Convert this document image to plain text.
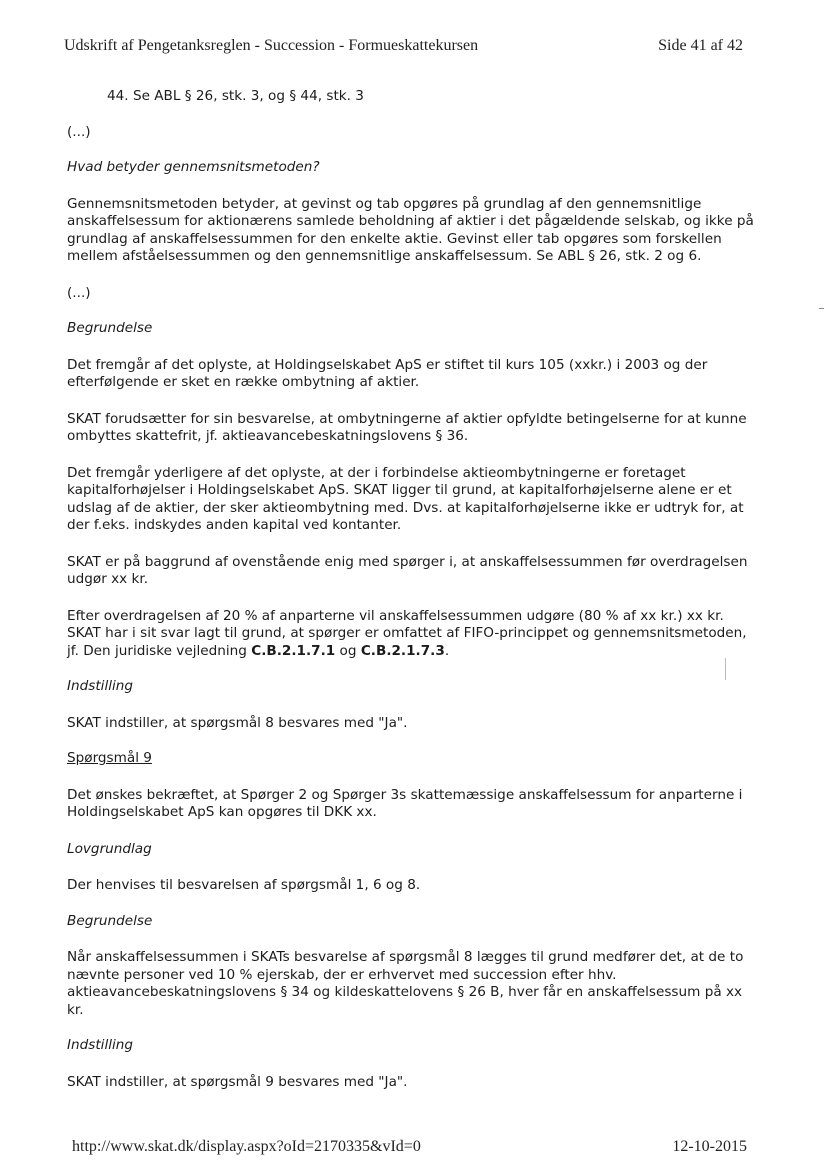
Udskrift af Pengetanksreglen - Succession - Formueskattekursen	Side 41 af 42

44. Se ABL § 26, stk. 3, og § 44, stk. 3

(...)

Hvad betyder gennemsnitsmetoden?

Gennemsnitsmetoden betyder, at gevinst og tab opgøres på grundlag af den gennemsnitlige anskaffelsessum for aktionærens samlede beholdning af aktier i det pågældende selskab, og ikke på grundlag af anskaffelsessummen for den enkelte aktie. Gevinst eller tab opgøres som forskellen mellem afståelsessummen og den gennemsnitlige anskaffelsessum. Se ABL § 26, stk. 2 og 6.

(...)

Begrundelse

Det fremgår af det oplyste, at Holdingselskabet ApS er stiftet til kurs 105 (xxkr.) i 2003 og der efterfølgende er sket en række ombytning af aktier.

SKAT forudsætter for sin besvarelse, at ombytningerne af aktier opfyldte betingelserne for at kunne ombyttes skattefrit, jf. aktieavancebeskatningslovens § 36.

Det fremgår yderligere af det oplyste, at der i forbindelse aktieombytningerne er foretaget kapitalforhøjelser i Holdingselskabet ApS. SKAT ligger til grund, at kapitalforhøjelserne alene er et udslag af de aktier, der sker aktieombytning med. Dvs. at kapitalforhøjelserne ikke er udtryk for, at der f.eks. indskydes anden kapital ved kontanter.

SKAT er på baggrund af ovenstående enig med spørger i, at anskaffelsessummen før overdragelsen udgør xx kr.

Efter overdragelsen af 20 % af anparterne vil anskaffelsessummen udgøre (80 % af xx kr.) xx kr. SKAT har i sit svar lagt til grund, at spørger er omfattet af FIFO-princippet og gennemsnitsmetoden, jf. Den juridiske vejledning C.B.2.1.7.1 og C.B.2.1.7.3.

Indstilling

SKAT indstiller, at spørgsmål 8 besvares med "Ja".

Spørgsmål 9

Det ønskes bekræftet, at Spørger 2 og Spørger 3s skattemæssige anskaffelsessum for anparterne i Holdingselskabet ApS kan opgøres til DKK xx.

Lovgrundlag

Der henvises til besvarelsen af spørgsmål 1, 6 og 8.

Begrundelse

Når anskaffelsessummen i SKATs besvarelse af spørgsmål 8 lægges til grund medfører det, at de to nævnte personer ved 10 % ejerskab, der er erhvervet med succession efter hhv. aktieavancebeskatningslovens § 34 og kildeskattelovens § 26 B, hver får en anskaffelsessum på xx kr.

Indstilling

SKAT indstiller, at spørgsmål 9 besvares med "Ja".

http://www.skat.dk/display.aspx?oId=2170335&vId=0	12-10-2015
